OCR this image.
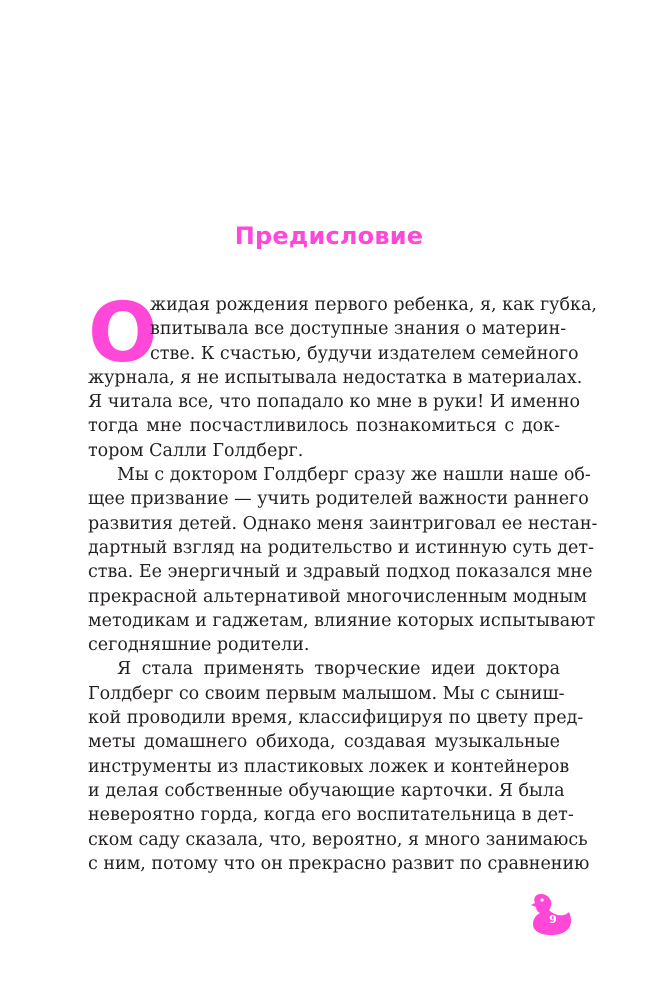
Предисловие
О
жидая рождения первого ребенка, я, как губка,
впитывала все доступные знания о материн-
стве. К счастью, будучи издателем семейного
журнала, я не испытывала недостатка в материалах.
Я читала все, что попадало ко мне в руки! И именно
тогда мне посчастливилось познакомиться с док-
тором Салли Голдберг.
Мы с доктором Голдберг сразу же нашли наше об-
щее призвание — учить родителей важности раннего
развития детей. Однако меня заинтриговал ее нестан-
дартный взгляд на родительство и истинную суть дет-
ства. Ее энергичный и здравый подход показался мне
прекрасной альтернативой многочисленным модным
методикам и гаджетам, влияние которых испытывают
сегодняшние родители.
Я стала применять творческие идеи доктора
Голдберг со своим первым малышом. Мы с сыниш-
кой проводили время, классифицируя по цвету пред-
меты домашнего обихода, создавая музыкальные
инструменты из пластиковых ложек и контейнеров
и делая собственные обучающие карточки. Я была
невероятно горда, когда его воспитательница в дет-
ском саду сказала, что, вероятно, я много занимаюсь
с ним, потому что он прекрасно развит по сравнению
9
